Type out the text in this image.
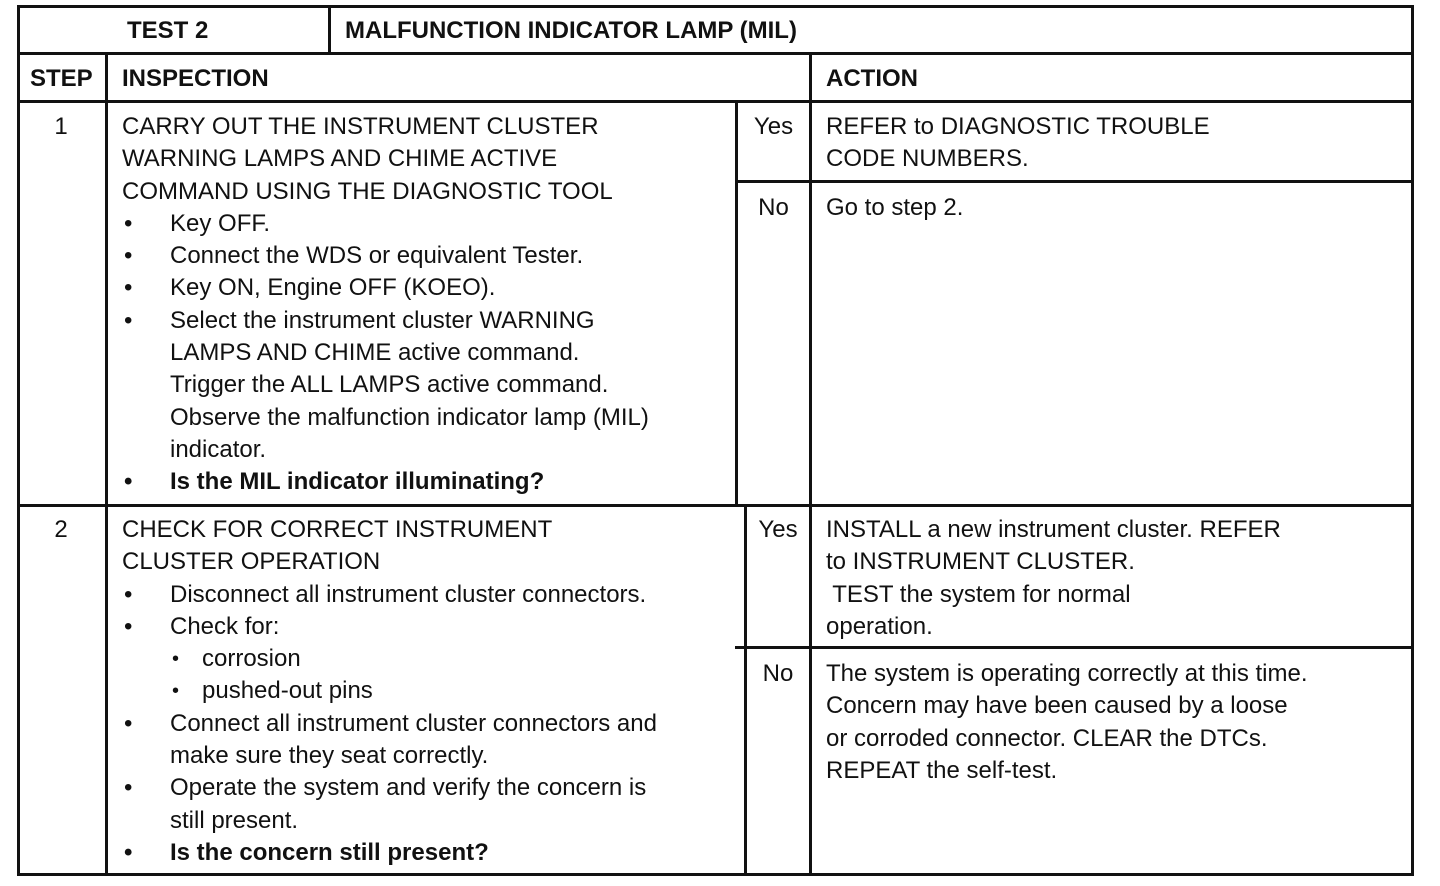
TEST 2	MALFUNCTION INDICATOR LAMP (MIL)
STEP INSPECTION	ACTION
1	CARRY OUT THE INSTRUMENT CLUSTER
WARNING LAMPS AND CHIME ACTIVE
COMMAND USING THE DIAGNOSTIC TOOL
• Key OFF.
• Connect the WDS or equivalent Tester.
• Key ON, Engine OFF (KOEO).
• Select the instrument cluster WARNING
LAMPS AND CHIME active command.
Trigger the ALL LAMPS active command.
Observe the malfunction indicator lamp (MIL)
indicator.
• Is the MIL indicator illuminating?
Yes	REFER to DIAGNOSTIC TROUBLE
CODE NUMBERS.
No	Go to step 2.
2	CHECK FOR CORRECT INSTRUMENT
CLUSTER OPERATION
• Disconnect all instrument cluster connectors.
• Check for:
• corrosion
• pushed-out pins
• Connect all instrument cluster connectors and
make sure they seat correctly.
• Operate the system and verify the concern is
still present.
• Is the concern still present?
Yes	INSTALL a new instrument cluster. REFER
to INSTRUMENT CLUSTER.
TEST the system for normal
operation.
No	The system is operating correctly at this time.
Concern may have been caused by a loose
or corroded connector. CLEAR the DTCs.
REPEAT the self-test.
